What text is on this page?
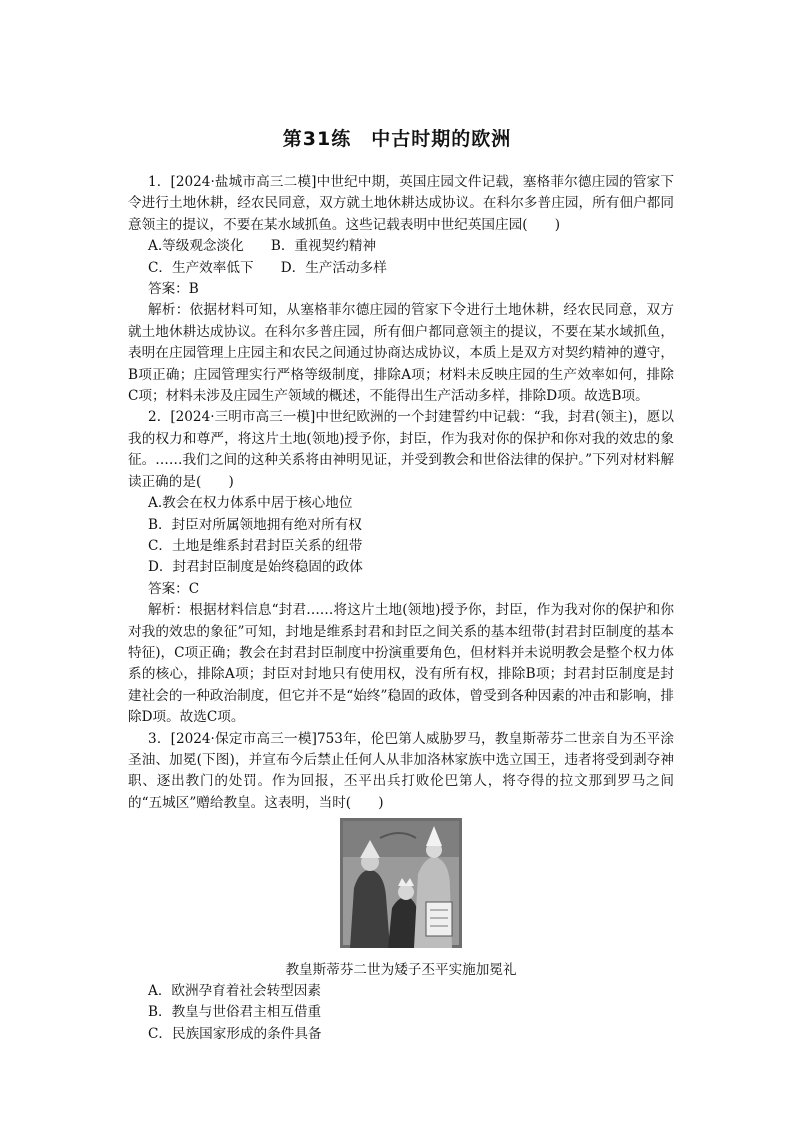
第31练　中古时期的欧洲

1．[2024·盐城市高三二模]中世纪中期，英国庄园文件记载，塞格菲尔德庄园的管家下令进行土地休耕，经农民同意，双方就土地休耕达成协议。在科尔多普庄园，所有佃户都同意领主的提议，不要在某水域抓鱼。这些记载表明中世纪英国庄园(　　)

A.等级观念淡化　　B．重视契约精神

C．生产效率低下　　D．生产活动多样

答案：B

解析：依据材料可知，从塞格菲尔德庄园的管家下令进行土地休耕，经农民同意，双方就土地休耕达成协议。在科尔多普庄园，所有佃户都同意领主的提议，不要在某水域抓鱼，表明在庄园管理上庄园主和农民之间通过协商达成协议，本质上是双方对契约精神的遵守，B项正确；庄园管理实行严格等级制度，排除A项；材料未反映庄园的生产效率如何，排除C项；材料未涉及庄园生产领域的概述，不能得出生产活动多样，排除D项。故选B项。

2．[2024·三明市高三一模]中世纪欧洲的一个封建誓约中记载：“我，封君(领主)，愿以我的权力和尊严，将这片土地(领地)授予你，封臣，作为我对你的保护和你对我的效忠的象征。……我们之间的这种关系将由神明见证，并受到教会和世俗法律的保护。”下列对材料解读正确的是(　　)

A.教会在权力体系中居于核心地位

B．封臣对所属领地拥有绝对所有权

C．土地是维系封君封臣关系的纽带

D．封君封臣制度是始终稳固的政体

答案：C

解析：根据材料信息“封君……将这片土地(领地)授予你，封臣，作为我对你的保护和你对我的效忠的象征”可知，封地是维系封君和封臣之间关系的基本纽带(封君封臣制度的基本特征)，C项正确；教会在封君封臣制度中扮演重要角色，但材料并未说明教会是整个权力体系的核心，排除A项；封臣对封地只有使用权，没有所有权，排除B项；封君封臣制度是封建社会的一种政治制度，但它并不是“始终”稳固的政体，曾受到各种因素的冲击和影响，排除D项。故选C项。

3．[2024·保定市高三一模]753年，伦巴第人威胁罗马，教皇斯蒂芬二世亲自为丕平涂圣油、加冕(下图)，并宣布今后禁止任何人从非加洛林家族中选立国王，违者将受到剥夺神职、逐出教门的处罚。作为回报，丕平出兵打败伦巴第人，将夺得的拉文那到罗马之间的“五城区”赠给教皇。这表明，当时(　　)

教皇斯蒂芬二世为矮子丕平实施加冕礼

A．欧洲孕育着社会转型因素

B．教皇与世俗君主相互借重

C．民族国家形成的条件具备
